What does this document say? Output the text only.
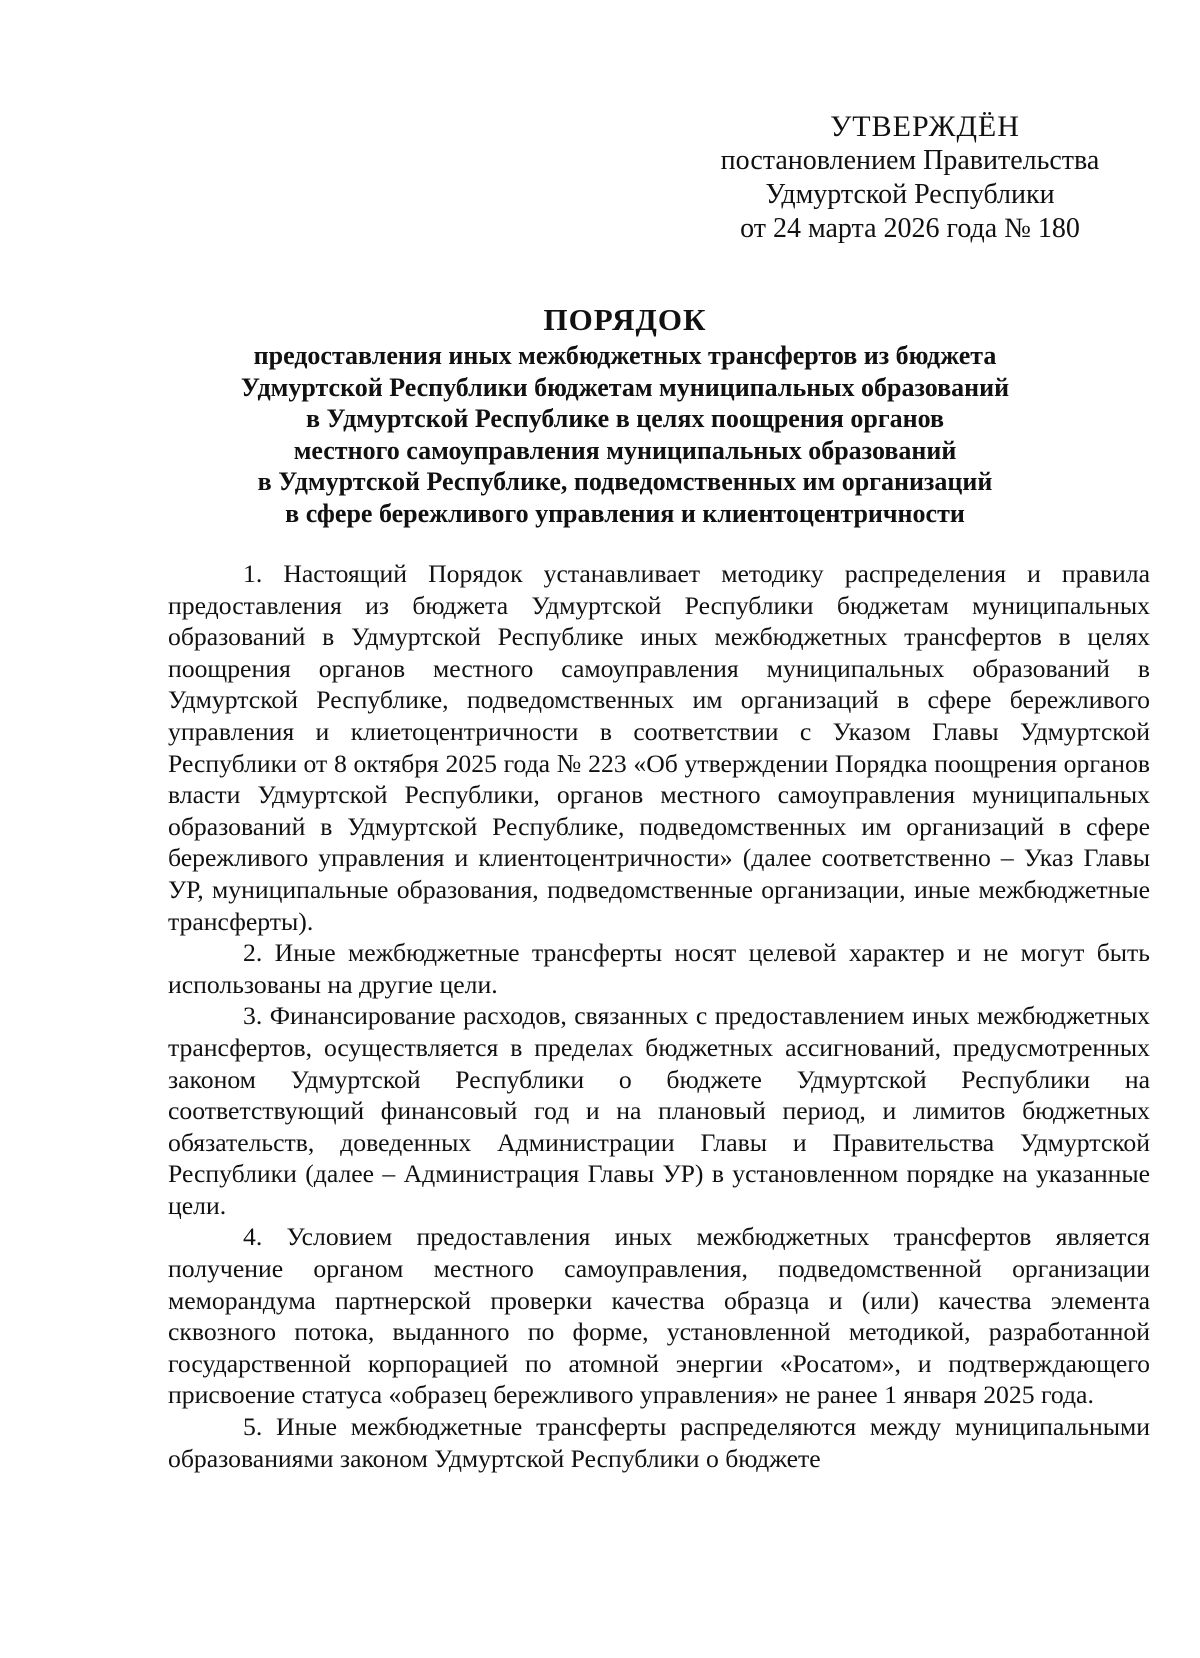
УТВЕРЖДЁН
постановлением Правительства
Удмуртской Республики
от 24 марта 2026 года № 180
ПОРЯДОК
предоставления иных межбюджетных трансфертов из бюджета
Удмуртской Республики бюджетам муниципальных образований
в Удмуртской Республике в целях поощрения органов
местного самоуправления муниципальных образований
в Удмуртской Республике, подведомственных им организаций
в сфере бережливого управления и клиентоцентричности

1. Настоящий Порядок устанавливает методику распределения и правила предоставления из бюджета Удмуртской Республики бюджетам муниципальных образований в Удмуртской Республике иных межбюджетных трансфертов в целях поощрения органов местного самоуправления муниципальных образований в Удмуртской Республике, подведомственных им организаций в сфере бережливого управления и клиетоцентричности в соответствии с Указом Главы Удмуртской Республики от 8 октября 2025 года № 223 «Об утверждении Порядка поощрения органов власти Удмуртской Республики, органов местного самоуправления муниципальных образований в Удмуртской Республике, подведомственных им организаций в сфере бережливого управления и клиентоцентричности» (далее соответственно – Указ Главы УР, муниципальные образования, подведомственные организации, иные межбюджетные трансферты).

2. Иные межбюджетные трансферты носят целевой характер и не могут быть использованы на другие цели.

3. Финансирование расходов, связанных с предоставлением иных межбюджетных трансфертов, осуществляется в пределах бюджетных ассигнований, предусмотренных законом Удмуртской Республики о бюджете Удмуртской Республики на соответствующий финансовый год и на плановый период, и лимитов бюджетных обязательств, доведенных Администрации Главы и Правительства Удмуртской Республики (далее – Администрация Главы УР) в установленном порядке на указанные цели.

4. Условием предоставления иных межбюджетных трансфертов является получение органом местного самоуправления, подведомственной организации меморандума партнерской проверки качества образца и (или) качества элемента сквозного потока, выданного по форме, установленной методикой, разработанной государственной корпорацией по атомной энергии «Росатом», и подтверждающего присвоение статуса «образец бережливого управления» не ранее 1 января 2025 года.

5. Иные межбюджетные трансферты распределяются между муниципальными образованиями законом Удмуртской Республики о бюджете
